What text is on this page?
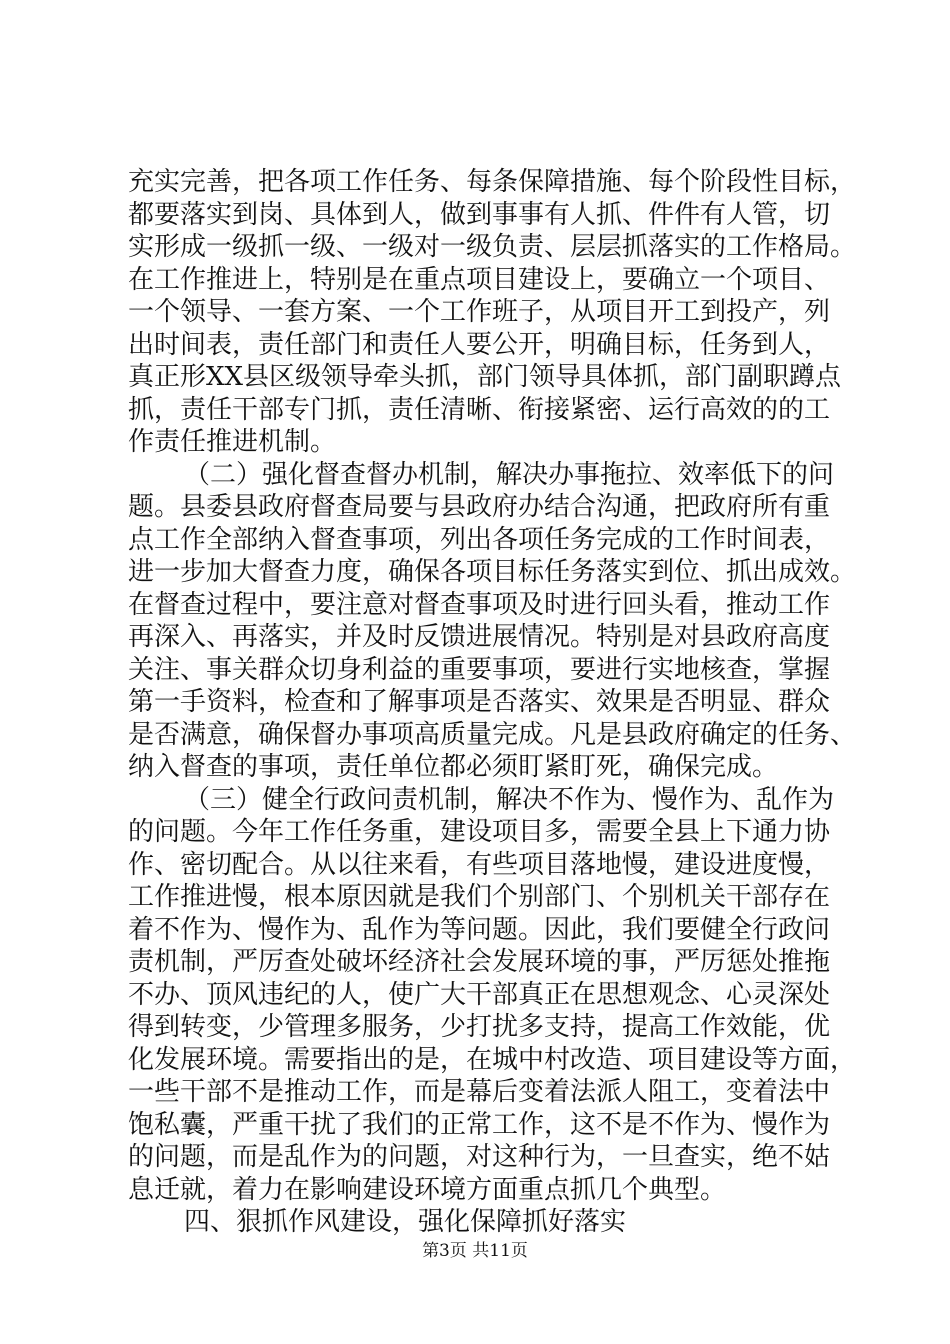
充实完善，把各项工作任务、每条保障措施、每个阶段性目标，
都要落实到岗、具体到人，做到事事有人抓、件件有人管，切
实形成一级抓一级、一级对一级负责、层层抓落实的工作格局。
在工作推进上，特别是在重点项目建设上，要确立一个项目、
一个领导、一套方案、一个工作班子，从项目开工到投产，列
出时间表，责任部门和责任人要公开，明确目标，任务到人，
真正形XX县区级领导牵头抓，部门领导具体抓，部门副职蹲点
抓，责任干部专门抓，责任清晰、衔接紧密、运行高效的的工
作责任推进机制。
（二）强化督查督办机制，解决办事拖拉、效率低下的问
题。县委县政府督查局要与县政府办结合沟通，把政府所有重
点工作全部纳入督查事项，列出各项任务完成的工作时间表，
进一步加大督查力度，确保各项目标任务落实到位、抓出成效。
在督查过程中，要注意对督查事项及时进行回头看，推动工作
再深入、再落实，并及时反馈进展情况。特别是对县政府高度
关注、事关群众切身利益的重要事项，要进行实地核查，掌握
第一手资料，检查和了解事项是否落实、效果是否明显、群众
是否满意，确保督办事项高质量完成。凡是县政府确定的任务、
纳入督查的事项，责任单位都必须盯紧盯死，确保完成。
（三）健全行政问责机制，解决不作为、慢作为、乱作为
的问题。今年工作任务重，建设项目多，需要全县上下通力协
作、密切配合。从以往来看，有些项目落地慢，建设进度慢，
工作推进慢，根本原因就是我们个别部门、个别机关干部存在
着不作为、慢作为、乱作为等问题。因此，我们要健全行政问
责机制，严厉查处破坏经济社会发展环境的事，严厉惩处推拖
不办、顶风违纪的人，使广大干部真正在思想观念、心灵深处
得到转变，少管理多服务，少打扰多支持，提高工作效能，优
化发展环境。需要指出的是，在城中村改造、项目建设等方面，
一些干部不是推动工作，而是幕后变着法派人阻工，变着法中
饱私囊，严重干扰了我们的正常工作，这不是不作为、慢作为
的问题，而是乱作为的问题，对这种行为，一旦查实，绝不姑
息迁就，着力在影响建设环境方面重点抓几个典型。
四、狠抓作风建设，强化保障抓好落实
第3页 共11页
